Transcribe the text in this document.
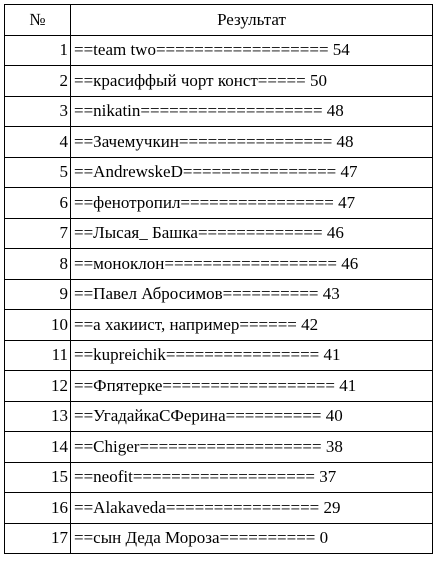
№	Результат
1	==team two================== 54
2	==красиффый чорт конст===== 50
3	==nikatin=================== 48
4	==Зачемучкин================ 48
5	==AndrewskeD================ 47
6	==фенотропил================ 47
7	==Лысая_ Башка============= 46
8	==моноклон================== 46
9	==Павел Абросимов========== 43
10	==а хакиист, например====== 42
11	==kupreichik================ 41
12	==Фпятерке================== 41
13	==УгадайкаСФерина========== 40
14	==Chiger=================== 38
15	==neofit=================== 37
16	==Alakaveda================ 29
17	==сын Деда Мороза========== 0
